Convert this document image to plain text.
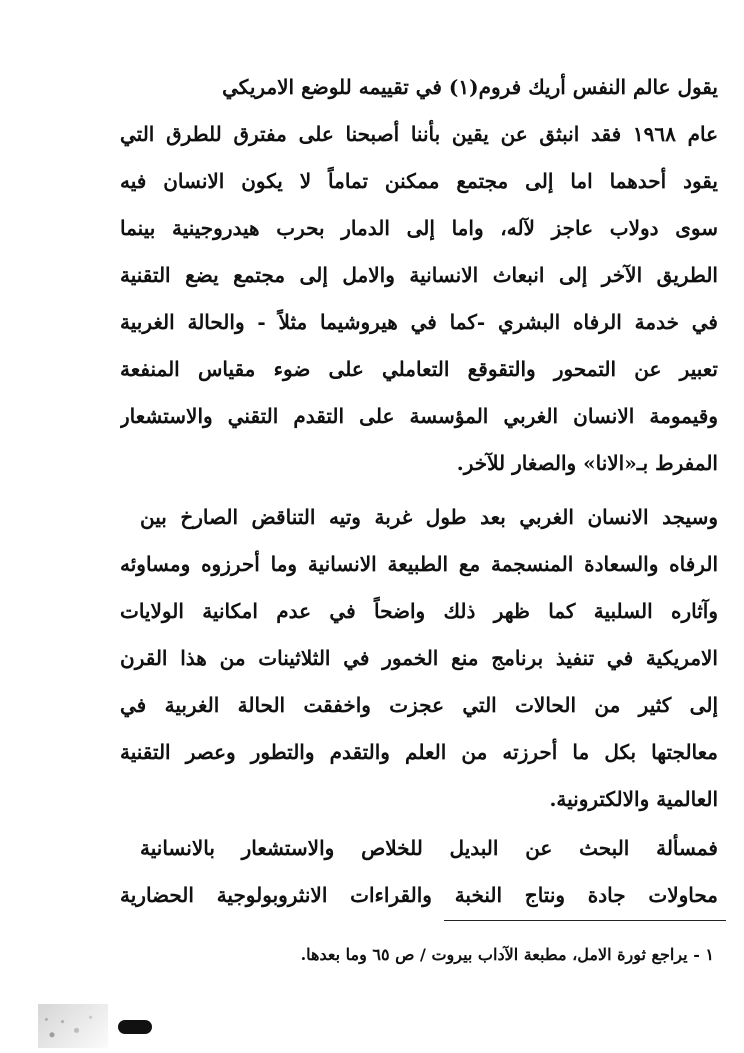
يقول عالم النفس أريك فروم(١) في تقييمه للوضع الامريكي
عام ١٩٦٨ فقد انبثق عن يقين بأننا أصبحنا على مفترق للطرق التي
يقود أحدهما اما إلى مجتمع ممكنن تماماً لا يكون الانسان فيه
سوى دولاب عاجز لآله، واما إلى الدمار بحرب هيدروجينية بينما
الطريق الآخر إلى انبعاث الانسانية والامل إلى مجتمع يضع التقنية
في خدمة الرفاه البشري -كما في هيروشيما مثلاً - والحالة الغربية
تعبير عن التمحور والتقوقع التعاملي على ضوء مقياس المنفعة
وقيمومة الانسان الغربي المؤسسة على التقدم التقني والاستشعار
المفرط بـ«الانا» والصغار للآخر.
وسيجد الانسان الغربي بعد طول غربة وتيه التناقض الصارخ بين
الرفاه والسعادة المنسجمة مع الطبيعة الانسانية وما أحرزوه ومساوئه
وآثاره السلبية كما ظهر ذلك واضحاً في عدم امكانية الولايات
الامريكية في تنفيذ برنامج منع الخمور في الثلاثينات من هذا القرن
إلى كثير من الحالات التي عجزت واخفقت الحالة الغربية في
معالجتها بكل ما أحرزته من العلم والتقدم والتطور وعصر التقنية
العالمية والالكترونية.
فمسألة البحث عن البديل للخلاص والاستشعار بالانسانية
محاولات جادة ونتاج النخبة والقراءات الانثروبولوجية الحضارية
١ - يراجع ثورة الامل، مطبعة الآداب بيروت / ص ٦٥ وما بعدها.
